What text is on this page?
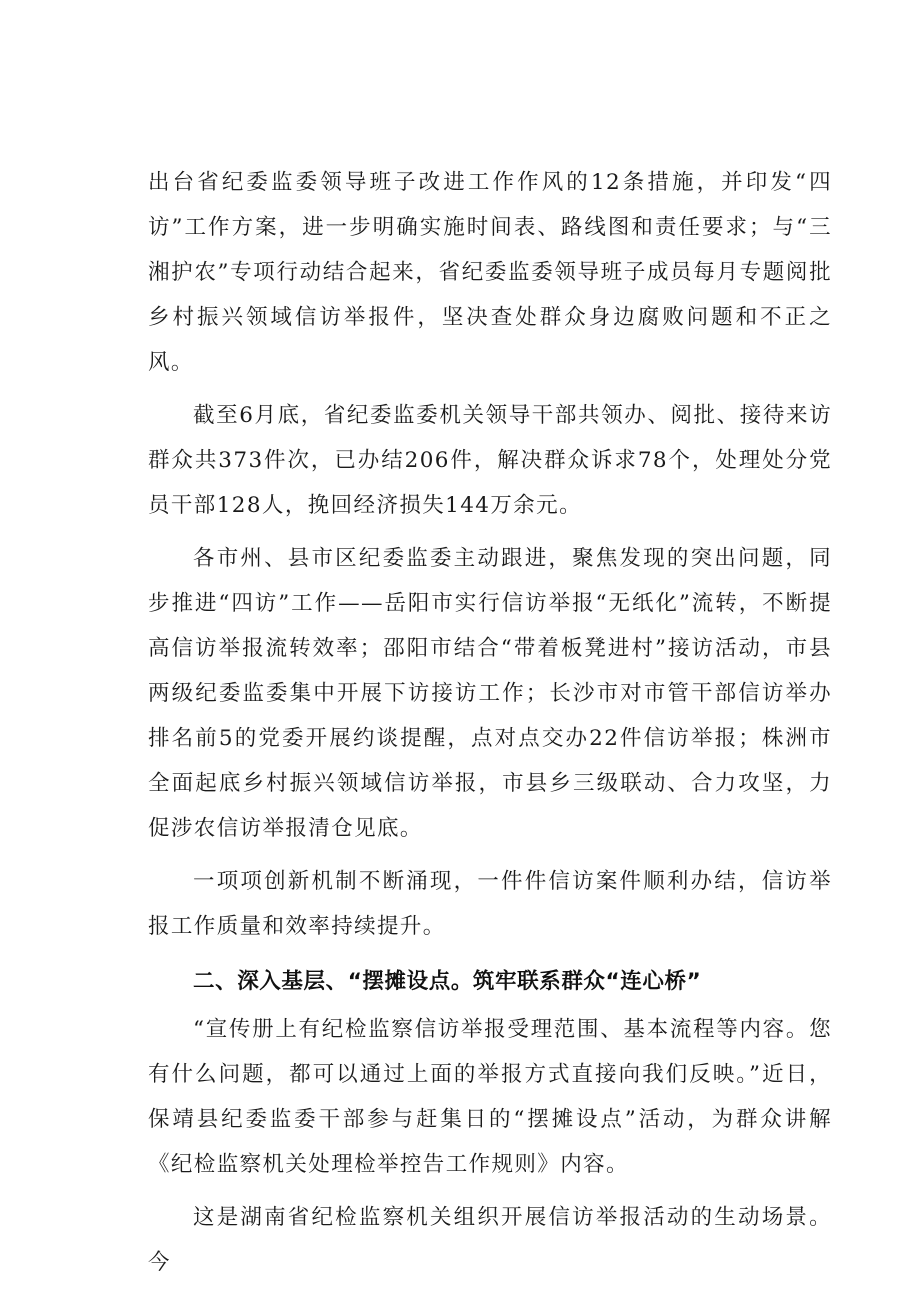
出台省纪委监委领导班子改进工作作风的12条措施，并印发“四访”工作方案，进一步明确实施时间表、路线图和责任要求；与“三湘护农”专项行动结合起来，省纪委监委领导班子成员每月专题阅批乡村振兴领域信访举报件，坚决查处群众身边腐败问题和不正之风。

截至6月底，省纪委监委机关领导干部共领办、阅批、接待来访群众共373件次，已办结206件，解决群众诉求78个，处理处分党员干部128人，挽回经济损失144万余元。

各市州、县市区纪委监委主动跟进，聚焦发现的突出问题，同步推进“四访”工作——岳阳市实行信访举报“无纸化”流转，不断提高信访举报流转效率；邵阳市结合“带着板凳进村”接访活动，市县两级纪委监委集中开展下访接访工作；长沙市对市管干部信访举办排名前5的党委开展约谈提醒，点对点交办22件信访举报；株洲市全面起底乡村振兴领域信访举报，市县乡三级联动、合力攻坚，力促涉农信访举报清仓见底。

一项项创新机制不断涌现，一件件信访案件顺利办结，信访举报工作质量和效率持续提升。

二、深入基层、“摆摊设点。筑牢联系群众“连心桥”

“宣传册上有纪检监察信访举报受理范围、基本流程等内容。您有什么问题，都可以通过上面的举报方式直接向我们反映。”近日，保靖县纪委监委干部参与赶集日的“摆摊设点”活动，为群众讲解《纪检监察机关处理检举控告工作规则》内容。

这是湖南省纪检监察机关组织开展信访举报活动的生动场景。今
